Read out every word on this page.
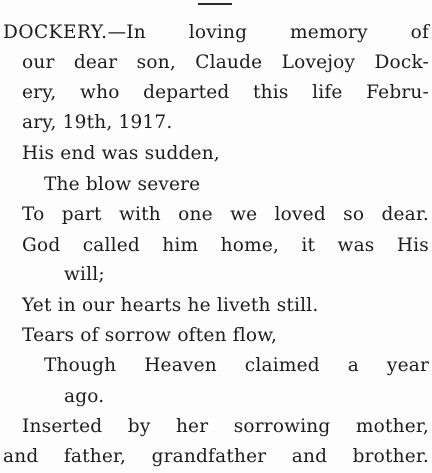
DOCKERY.—In loving memory of
our dear son, Claude Lovejoy Dock-
ery, who departed this life Febru-
ary, 19th, 1917.
His end was sudden,
The blow severe
To part with one we loved so dear.
God called him home, it was His
will;
Yet in our hearts he liveth still.
Tears of sorrow often flow,
Though Heaven claimed a year
ago.
Inserted by her sorrowing mother,
and father, grandfather and brother.
